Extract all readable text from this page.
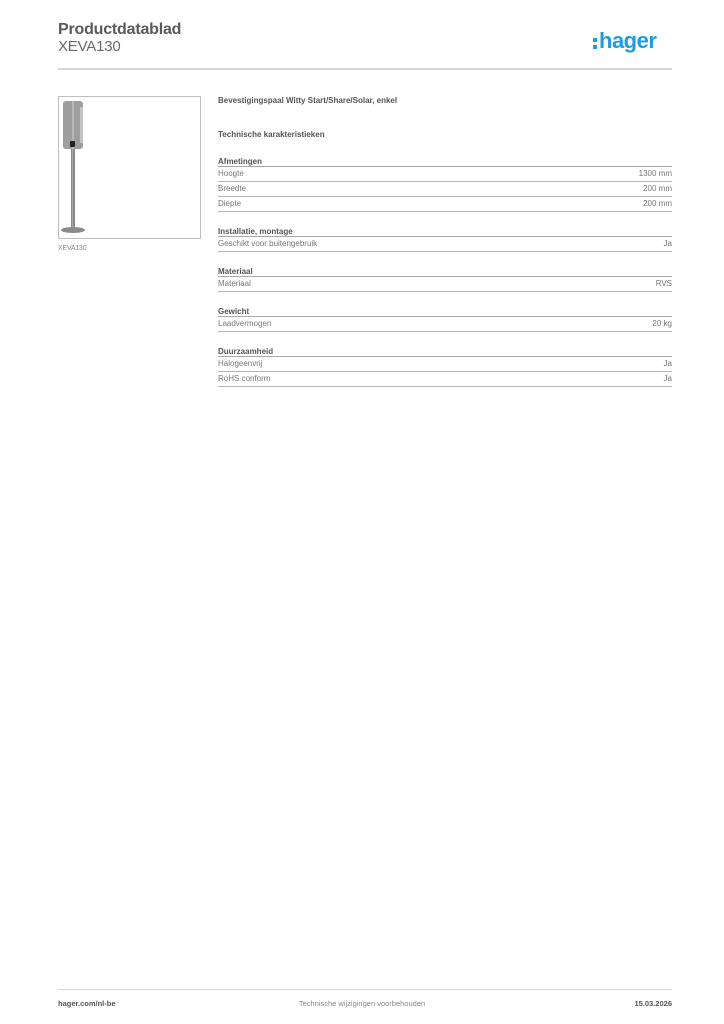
Productdatablad
XEVA130	hager
XEVA130
Bevestigingspaal Witty Start/Share/Solar, enkel
Technische karakteristieken
Afmetingen
Hoogte	1300 mm
Breedte	200 mm
Diepte	200 mm
Installatie, montage
Geschikt voor buitengebruik	Ja
Materiaal
Materiaal	RVS
Gewicht
Laadvermogen	20 kg
Duurzaamheid
Halogeenvrij	Ja
RoHS conform	Ja
hager.com/nl-be	Technische wijzigingen voorbehouden	15.03.2026
